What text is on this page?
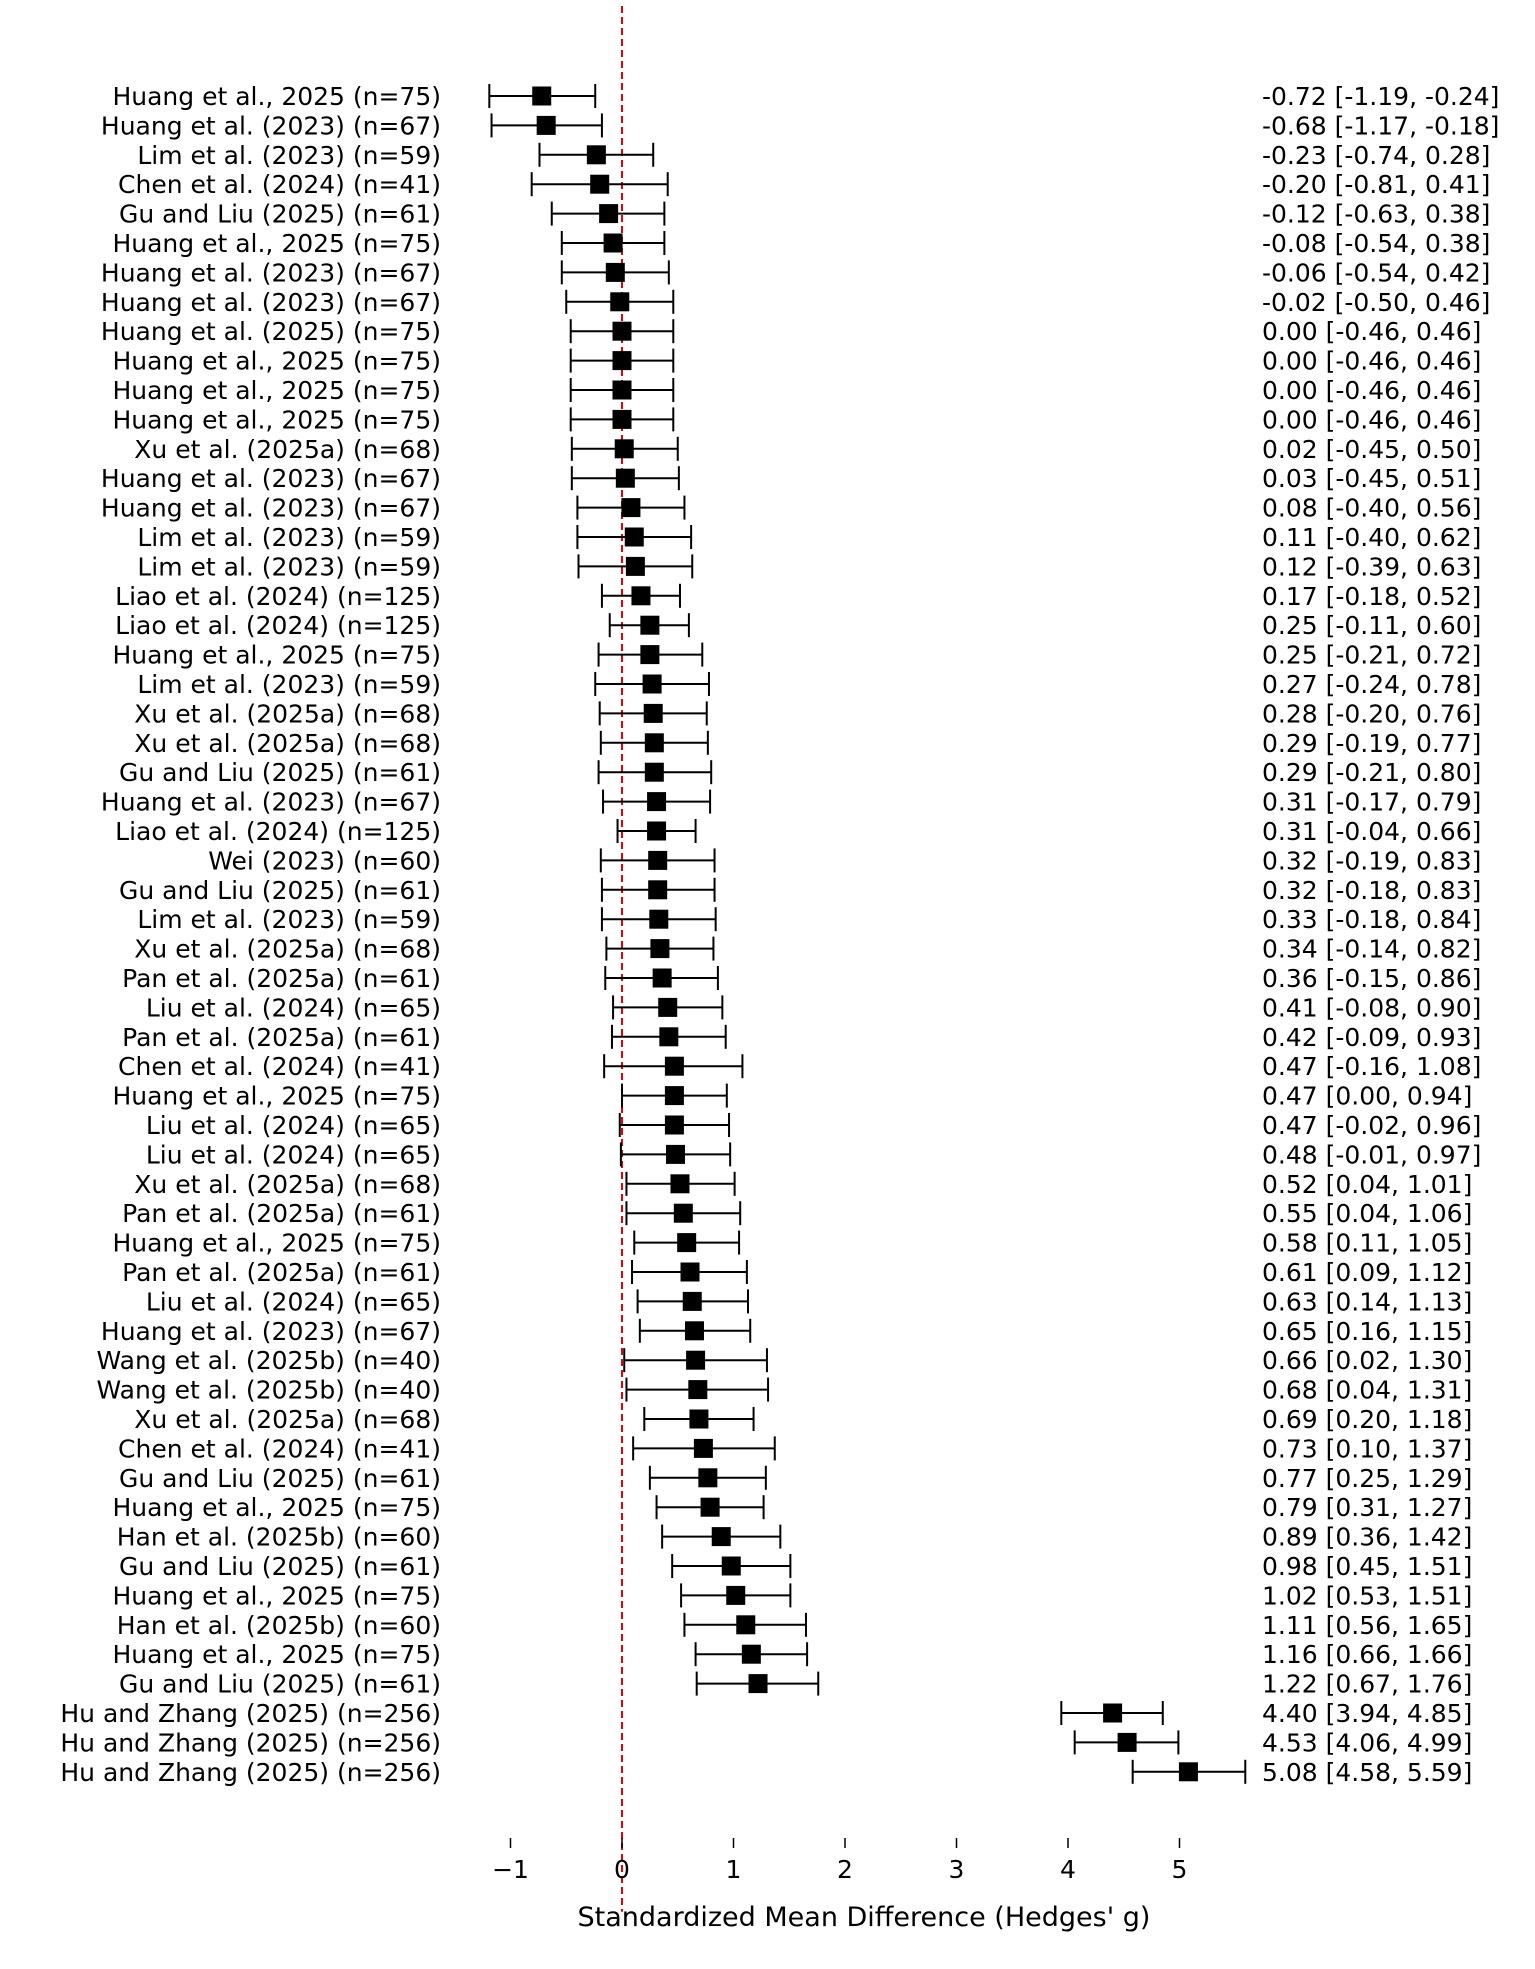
Huang et al., 2025 (n=75)	-0.72 [-1.19, -0.24]
Huang et al. (2023) (n=67)	-0.68 [-1.17, -0.18]
Lim et al. (2023) (n=59)	-0.23 [-0.74, 0.28]
Chen et al. (2024) (n=41)	-0.20 [-0.81, 0.41]
Gu and Liu (2025) (n=61)	-0.12 [-0.63, 0.38]
Huang et al., 2025 (n=75)	-0.08 [-0.54, 0.38]
Huang et al. (2023) (n=67)	-0.06 [-0.54, 0.42]
Huang et al. (2023) (n=67)	-0.02 [-0.50, 0.46]
Huang et al. (2025) (n=75)	0.00 [-0.46, 0.46]
Huang et al., 2025 (n=75)	0.00 [-0.46, 0.46]
Huang et al., 2025 (n=75)	0.00 [-0.46, 0.46]
Huang et al., 2025 (n=75)	0.00 [-0.46, 0.46]
Xu et al. (2025a) (n=68)	0.02 [-0.45, 0.50]
Huang et al. (2023) (n=67)	0.03 [-0.45, 0.51]
Huang et al. (2023) (n=67)	0.08 [-0.40, 0.56]
Lim et al. (2023) (n=59)	0.11 [-0.40, 0.62]
Lim et al. (2023) (n=59)	0.12 [-0.39, 0.63]
Liao et al. (2024) (n=125)	0.17 [-0.18, 0.52]
Liao et al. (2024) (n=125)	0.25 [-0.11, 0.60]
Huang et al., 2025 (n=75)	0.25 [-0.21, 0.72]
Lim et al. (2023) (n=59)	0.27 [-0.24, 0.78]
Xu et al. (2025a) (n=68)	0.28 [-0.20, 0.76]
Xu et al. (2025a) (n=68)	0.29 [-0.19, 0.77]
Gu and Liu (2025) (n=61)	0.29 [-0.21, 0.80]
Huang et al. (2023) (n=67)	0.31 [-0.17, 0.79]
Liao et al. (2024) (n=125)	0.31 [-0.04, 0.66]
Wei (2023) (n=60)	0.32 [-0.19, 0.83]
Gu and Liu (2025) (n=61)	0.32 [-0.18, 0.83]
Lim et al. (2023) (n=59)	0.33 [-0.18, 0.84]
Xu et al. (2025a) (n=68)	0.34 [-0.14, 0.82]
Pan et al. (2025a) (n=61)	0.36 [-0.15, 0.86]
Liu et al. (2024) (n=65)	0.41 [-0.08, 0.90]
Pan et al. (2025a) (n=61)	0.42 [-0.09, 0.93]
Chen et al. (2024) (n=41)	0.47 [-0.16, 1.08]
Huang et al., 2025 (n=75)	0.47 [0.00, 0.94]
Liu et al. (2024) (n=65)	0.47 [-0.02, 0.96]
Liu et al. (2024) (n=65)	0.48 [-0.01, 0.97]
Xu et al. (2025a) (n=68)	0.52 [0.04, 1.01]
Pan et al. (2025a) (n=61)	0.55 [0.04, 1.06]
Huang et al., 2025 (n=75)	0.58 [0.11, 1.05]
Pan et al. (2025a) (n=61)	0.61 [0.09, 1.12]
Liu et al. (2024) (n=65)	0.63 [0.14, 1.13]
Huang et al. (2023) (n=67)	0.65 [0.16, 1.15]
Wang et al. (2025b) (n=40)	0.66 [0.02, 1.30]
Wang et al. (2025b) (n=40)	0.68 [0.04, 1.31]
Xu et al. (2025a) (n=68)	0.69 [0.20, 1.18]
Chen et al. (2024) (n=41)	0.73 [0.10, 1.37]
Gu and Liu (2025) (n=61)	0.77 [0.25, 1.29]
Huang et al., 2025 (n=75)	0.79 [0.31, 1.27]
Han et al. (2025b) (n=60)	0.89 [0.36, 1.42]
Gu and Liu (2025) (n=61)	0.98 [0.45, 1.51]
Huang et al., 2025 (n=75)	1.02 [0.53, 1.51]
Han et al. (2025b) (n=60)	1.11 [0.56, 1.65]
Huang et al., 2025 (n=75)	1.16 [0.66, 1.66]
Gu and Liu (2025) (n=61)	1.22 [0.67, 1.76]
Hu and Zhang (2025) (n=256)	4.40 [3.94, 4.85]
Hu and Zhang (2025) (n=256)	4.53 [4.06, 4.99]
Hu and Zhang (2025) (n=256)	5.08 [4.58, 5.59]
Standardized Mean Difference (Hedges' g)
−1	0	1	2	3	4	5
